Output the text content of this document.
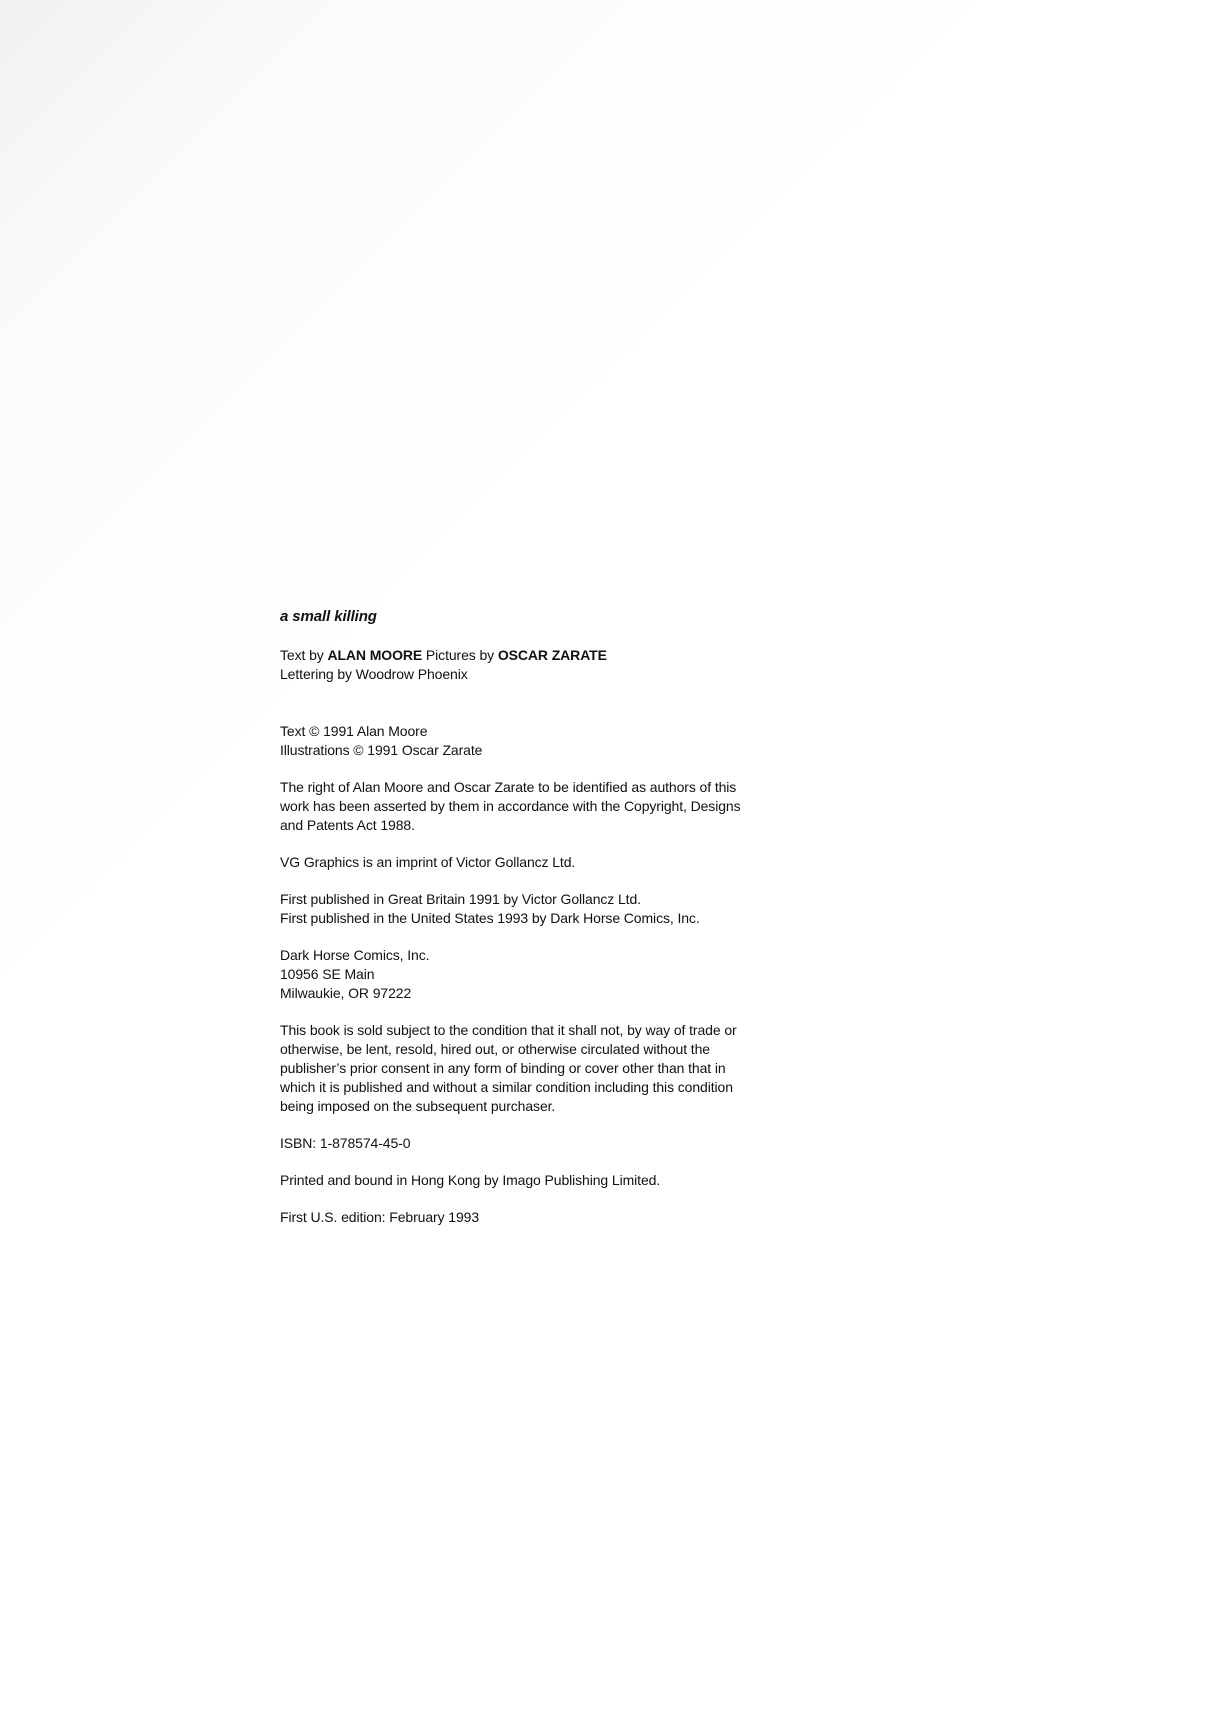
a small killing

Text by ALAN MOORE Pictures by OSCAR ZARATE
Lettering by Woodrow Phoenix

Text © 1991 Alan Moore
Illustrations © 1991 Oscar Zarate

The right of Alan Moore and Oscar Zarate to be identified as authors of this
work has been asserted by them in accordance with the Copyright, Designs
and Patents Act 1988.

VG Graphics is an imprint of Victor Gollancz Ltd.

First published in Great Britain 1991 by Victor Gollancz Ltd.
First published in the United States 1993 by Dark Horse Comics, Inc.

Dark Horse Comics, Inc.
10956 SE Main
Milwaukie, OR 97222

This book is sold subject to the condition that it shall not, by way of trade or
otherwise, be lent, resold, hired out, or otherwise circulated without the
publisher’s prior consent in any form of binding or cover other than that in
which it is published and without a similar condition including this condition
being imposed on the subsequent purchaser.

ISBN: 1-878574-45-0

Printed and bound in Hong Kong by Imago Publishing Limited.

First U.S. edition: February 1993
